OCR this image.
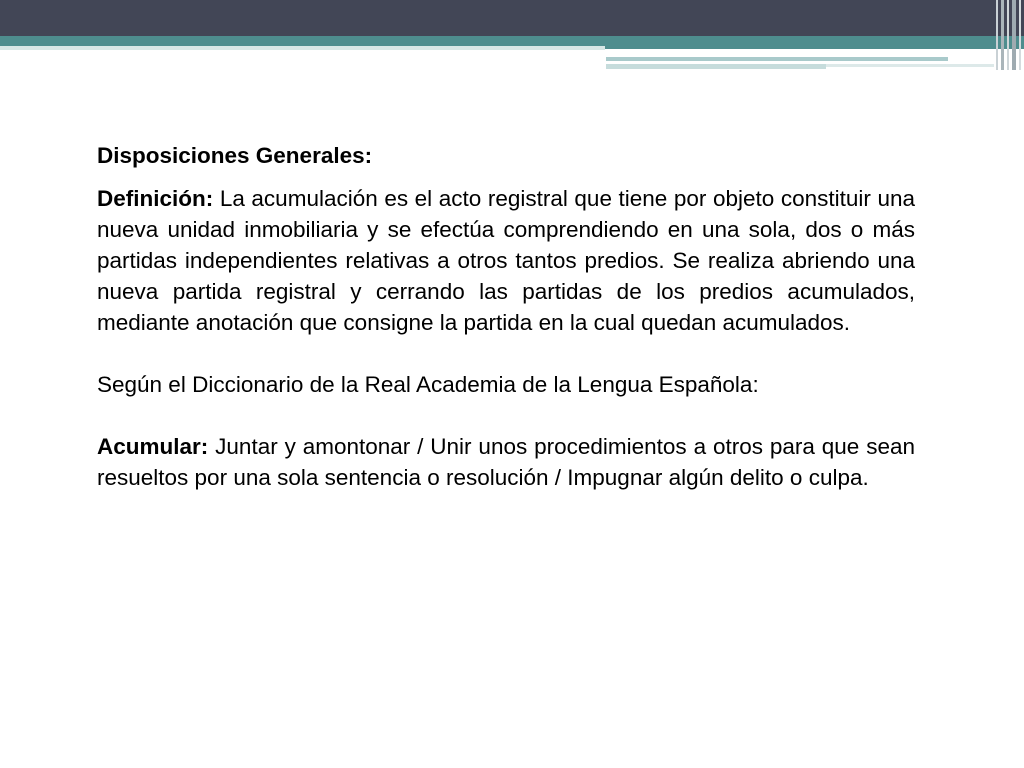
Disposiciones Generales:

Definición: La acumulación es el acto registral que tiene por objeto constituir una nueva unidad inmobiliaria y se efectúa comprendiendo en una sola, dos o más partidas independientes relativas a otros tantos predios. Se realiza abriendo una nueva partida registral y cerrando las partidas de los predios acumulados, mediante anotación que consigne la partida en la cual quedan acumulados.

Según el Diccionario de la Real Academia de la Lengua Española:

Acumular: Juntar y amontonar / Unir unos procedimientos a otros para que sean resueltos por una sola sentencia o resolución / Impugnar algún delito o culpa.
